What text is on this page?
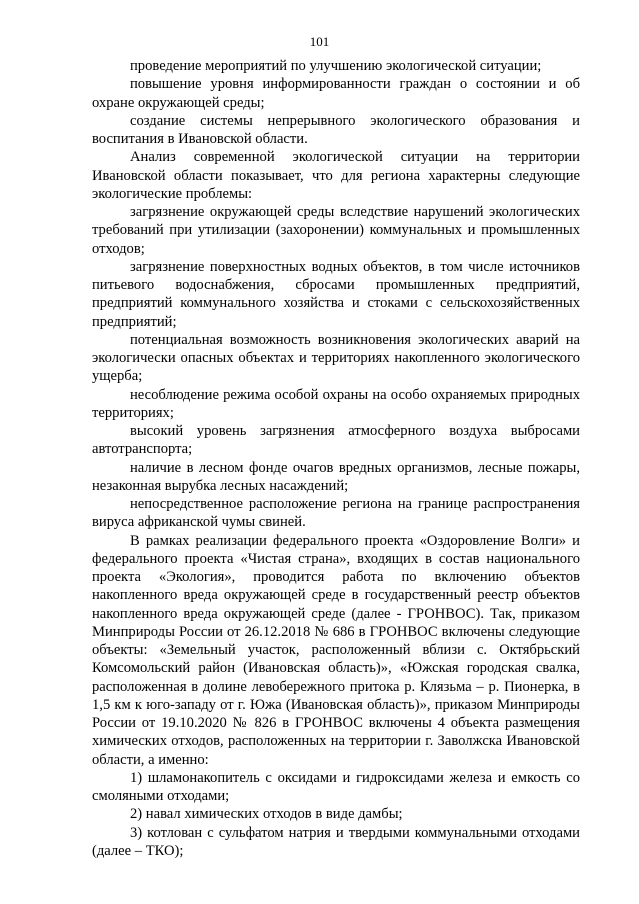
101

проведение мероприятий по улучшению экологической ситуации;

повышение уровня информированности граждан о состоянии и об охране окружающей среды;

создание системы непрерывного экологического образования и воспитания в Ивановской области.

Анализ современной экологической ситуации на территории Ивановской области показывает, что для региона характерны следующие экологические проблемы:

загрязнение окружающей среды вследствие нарушений экологических требований при утилизации (захоронении) коммунальных и промышленных отходов;

загрязнение поверхностных водных объектов, в том числе источников питьевого водоснабжения, сбросами промышленных предприятий, предприятий коммунального хозяйства и стоками с сельскохозяйственных предприятий;

потенциальная возможность возникновения экологических аварий на экологически опасных объектах и территориях накопленного экологического ущерба;

несоблюдение режима особой охраны на особо охраняемых природных территориях;

высокий уровень загрязнения атмосферного воздуха выбросами автотранспорта;

наличие в лесном фонде очагов вредных организмов, лесные пожары, незаконная вырубка лесных насаждений;

непосредственное расположение региона на границе распространения вируса африканской чумы свиней.

В рамках реализации федерального проекта «Оздоровление Волги» и федерального проекта «Чистая страна», входящих в состав национального проекта «Экология», проводится работа по включению объектов накопленного вреда окружающей среде в государственный реестр объектов накопленного вреда окружающей среде (далее - ГРОНВОС). Так, приказом Минприроды России от 26.12.2018 № 686 в ГРОНВОС включены следующие объекты: «Земельный участок, расположенный вблизи с. Октябрьский Комсомольский район (Ивановская область)», «Южская городская свалка, расположенная в долине левобережного притока р. Клязьма – р. Пионерка, в 1,5 км к юго-западу от г. Южа (Ивановская область)», приказом Минприроды России от 19.10.2020 № 826 в ГРОНВОС включены 4 объекта размещения химических отходов, расположенных на территории г. Заволжска Ивановской области, а именно:

1) шламонакопитель с оксидами и гидроксидами железа и емкость со смоляными отходами;

2) навал химических отходов в виде дамбы;

3) котлован с сульфатом натрия и твердыми коммунальными отходами (далее – ТКО);
